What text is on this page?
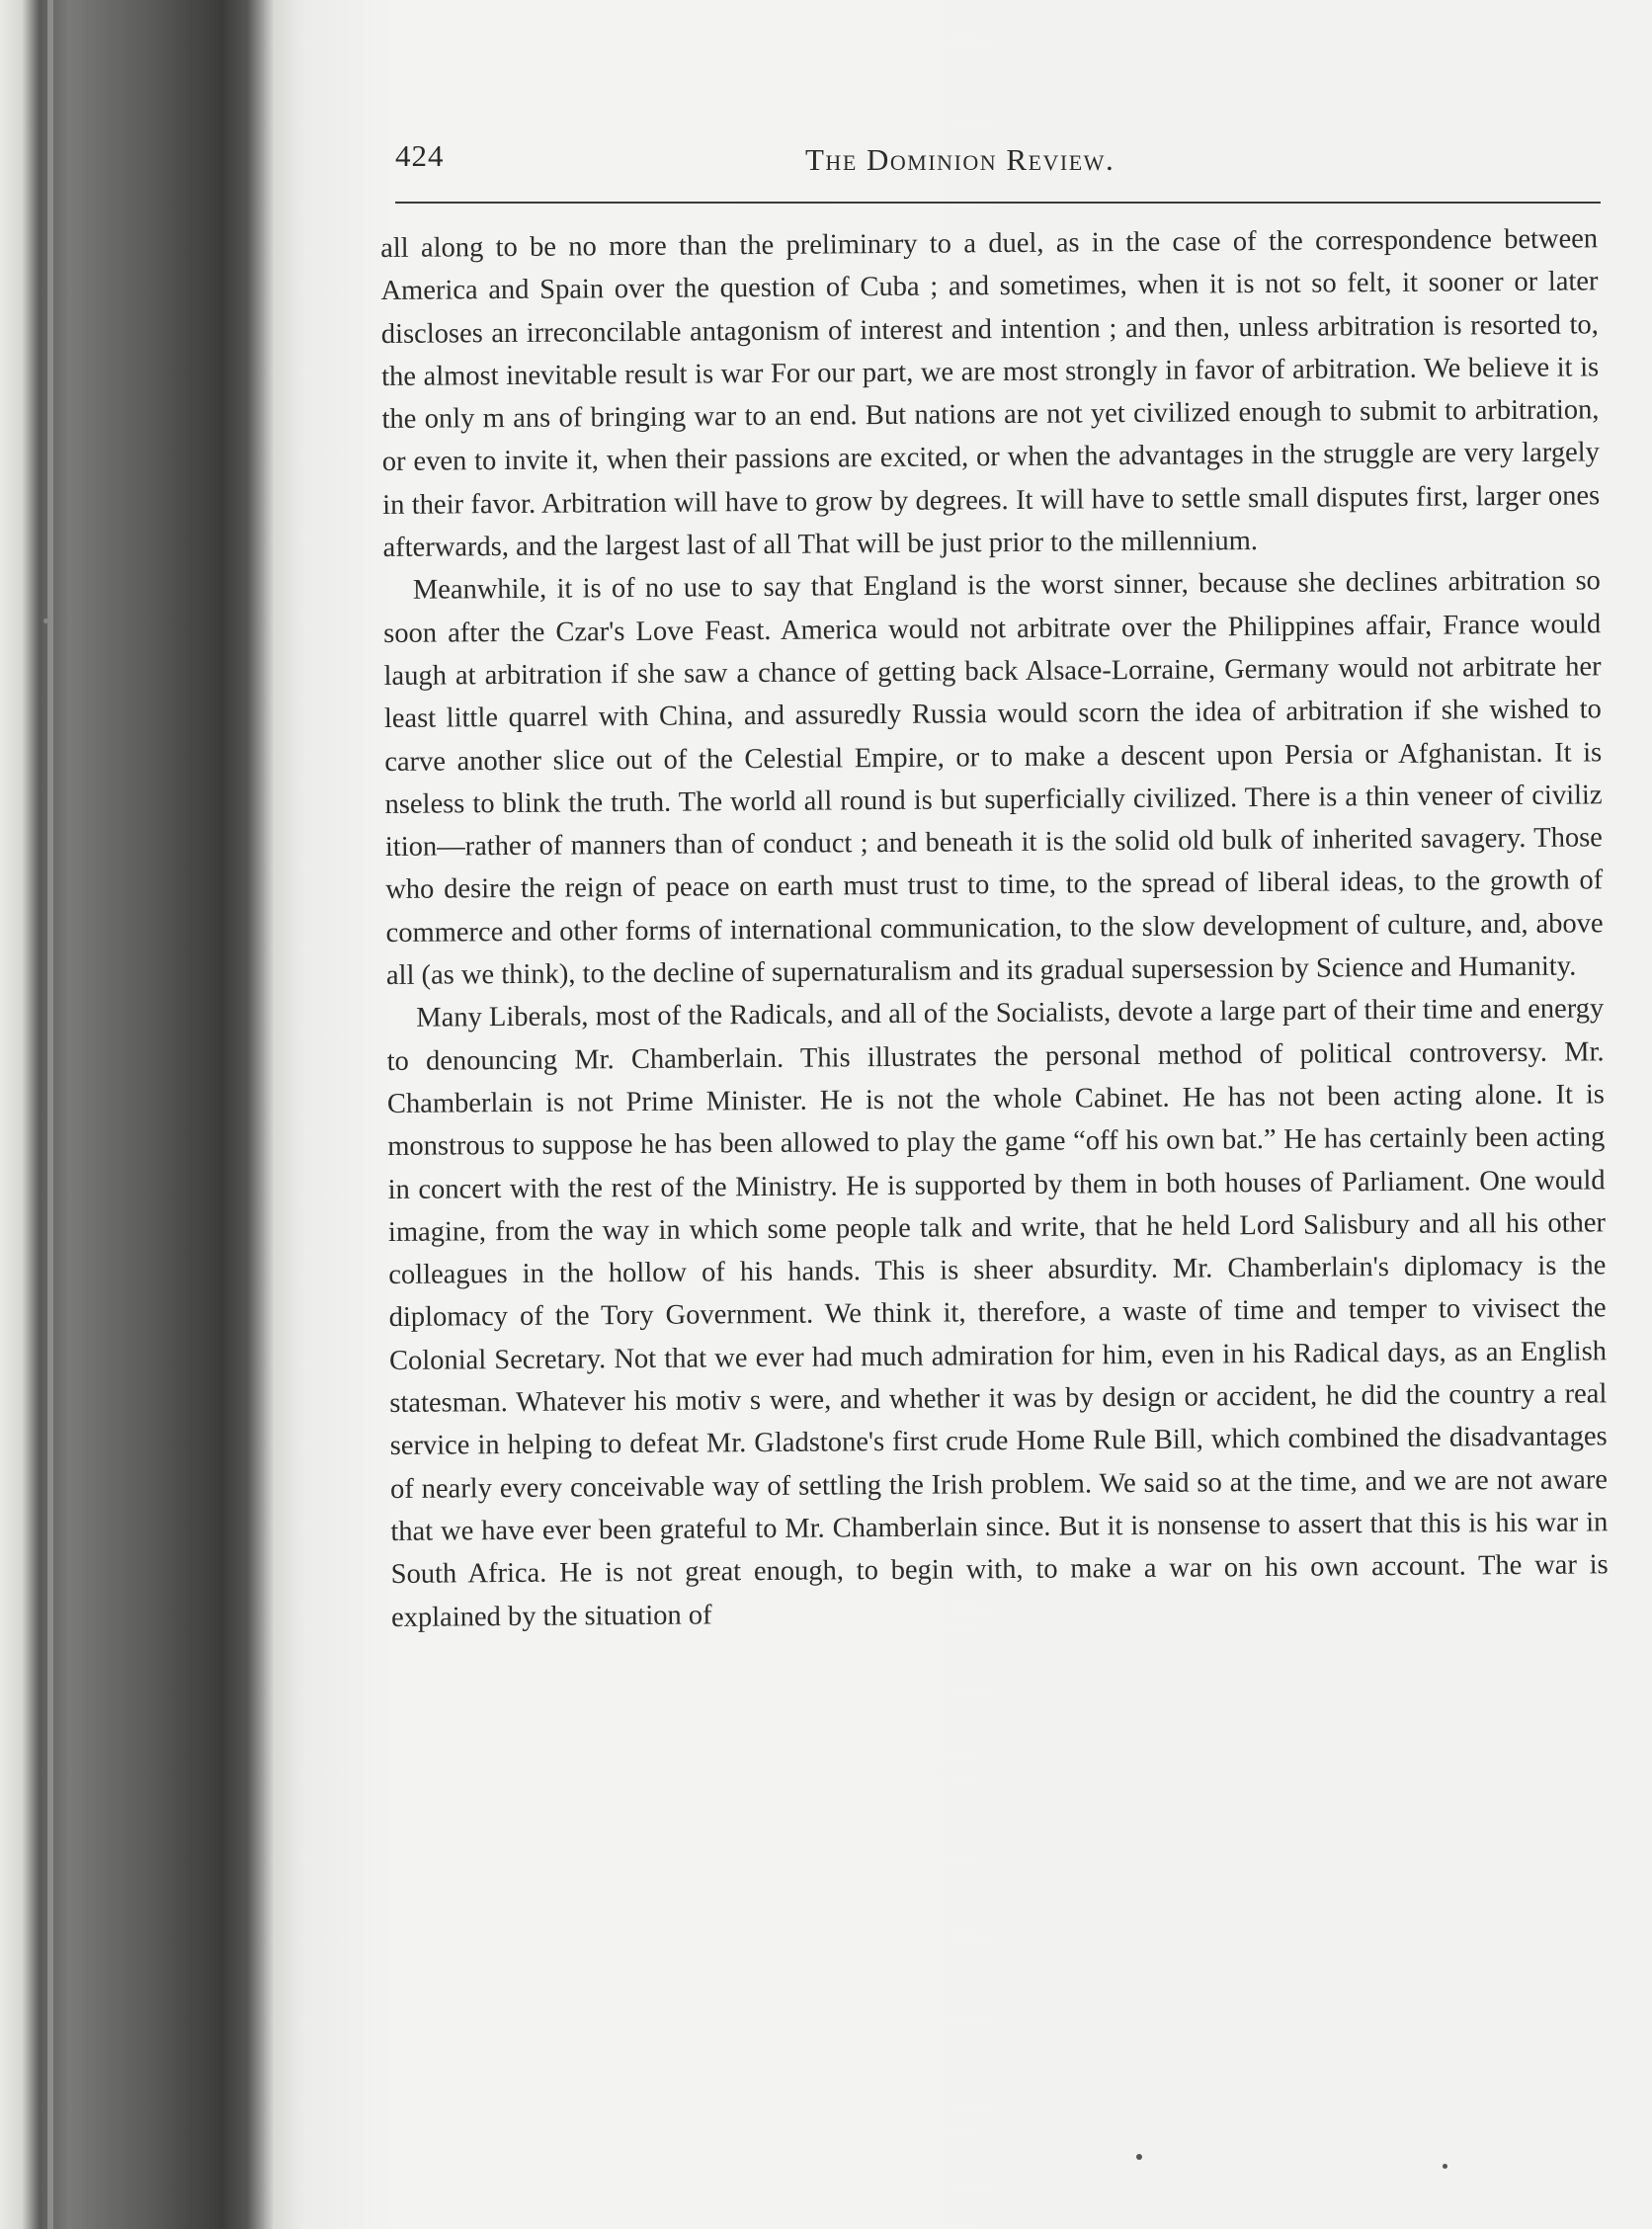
424	The Dominion Review.

all along to be no more than the preliminary to a duel, as in the case of the correspondence between America and Spain over the question of Cuba ; and sometimes, when it is not so felt, it sooner or later discloses an irreconcilable antagonism of interest and intention ; and then, unless arbitration is resorted to, the almost inevitable result is war For our part, we are most strongly in favor of arbitration. We believe it is the only m ans of bringing war to an end. But nations are not yet civilized enough to submit to arbitration, or even to invite it, when their passions are excited, or when the advantages in the struggle are very largely in their favor. Arbitration will have to grow by degrees. It will have to settle small disputes first, larger ones afterwards, and the largest last of all That will be just prior to the millennium.

Meanwhile, it is of no use to say that England is the worst sinner, because she declines arbitration so soon after the Czar's Love Feast. America would not arbitrate over the Philippines affair, France would laugh at arbitration if she saw a chance of getting back Alsace-Lorraine, Germany would not arbitrate her least little quarrel with China, and assuredly Russia would scorn the idea of arbitration if she wished to carve another slice out of the Celestial Empire, or to make a descent upon Persia or Afghanistan. It is nseless to blink the truth. The world all round is but superficially civilized. There is a thin veneer of civiliz ition—rather of manners than of conduct ; and beneath it is the solid old bulk of inherited savagery. Those who desire the reign of peace on earth must trust to time, to the spread of liberal ideas, to the growth of commerce and other forms of international communication, to the slow development of culture, and, above all (as we think), to the decline of supernaturalism and its gradual supersession by Science and Humanity.

Many Liberals, most of the Radicals, and all of the Socialists, devote a large part of their time and energy to denouncing Mr. Chamberlain. This illustrates the personal method of political controversy. Mr. Chamberlain is not Prime Minister. He is not the whole Cabinet. He has not been acting alone. It is monstrous to suppose he has been allowed to play the game “off his own bat.” He has certainly been acting in concert with the rest of the Ministry. He is supported by them in both houses of Parliament. One would imagine, from the way in which some people talk and write, that he held Lord Salisbury and all his other colleagues in the hollow of his hands. This is sheer absurdity. Mr. Chamberlain's diplomacy is the diplomacy of the Tory Government. We think it, therefore, a waste of time and temper to vivisect the Colonial Secretary. Not that we ever had much admiration for him, even in his Radical days, as an English statesman. Whatever his motiv s were, and whether it was by design or accident, he did the country a real service in helping to defeat Mr. Gladstone's first crude Home Rule Bill, which combined the disadvantages of nearly every conceivable way of settling the Irish problem. We said so at the time, and we are not aware that we have ever been grateful to Mr. Chamberlain since. But it is nonsense to assert that this is his war in South Africa. He is not great enough, to begin with, to make a war on his own account. The war is explained by the situation of
